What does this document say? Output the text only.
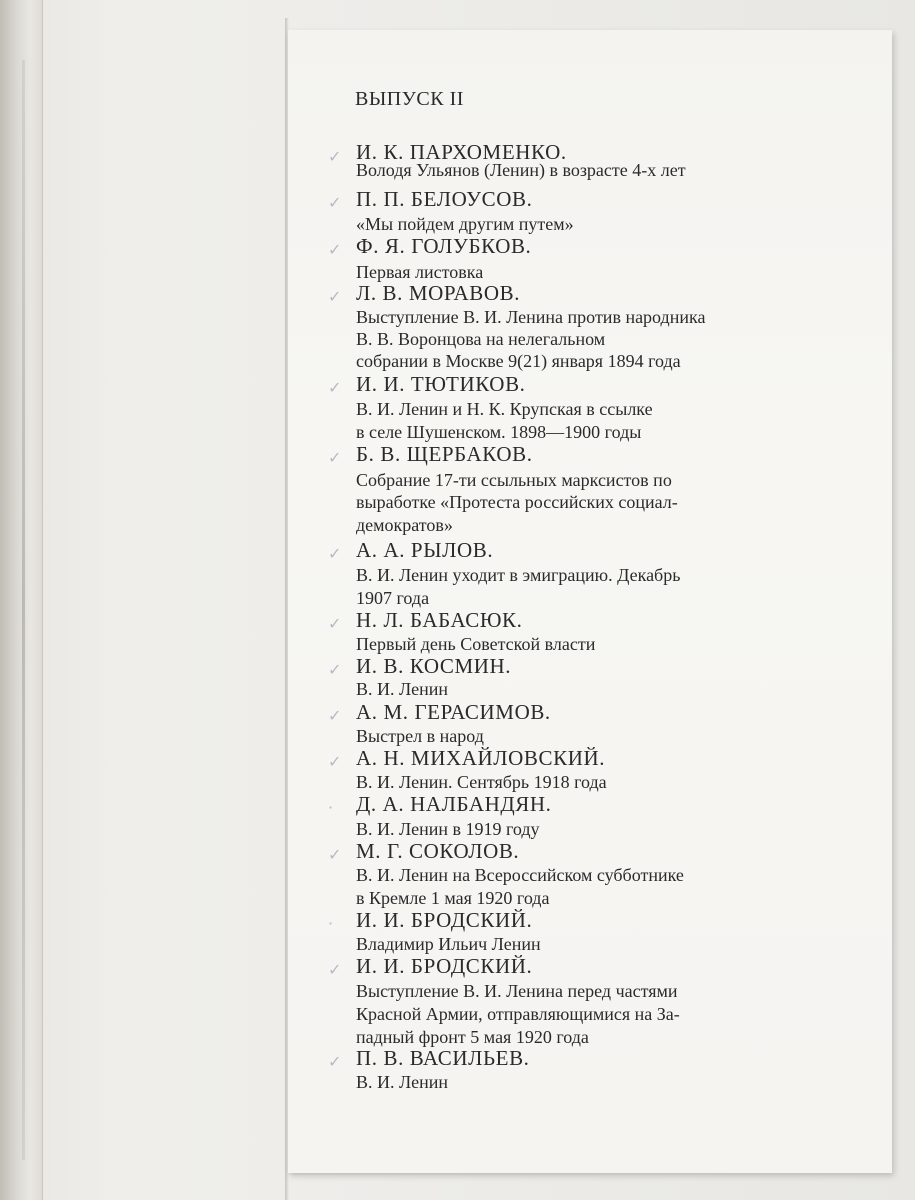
ВЫПУСК II
✓ И. К. ПАРХОМЕНКО.
Володя Ульянов (Ленин) в возрасте 4-х лет
✓ П. П. БЕЛОУСОВ.
«Мы пойдем другим путем»
✓ Ф. Я. ГОЛУБКОВ.
Первая листовка
✓ Л. В. МОРАВОВ.
Выступление В. И. Ленина против народника
В. В. Воронцова на нелегальном
собрании в Москве 9(21) января 1894 года
✓ И. И. ТЮТИКОВ.
В. И. Ленин и Н. К. Крупская в ссылке
в селе Шушенском. 1898—1900 годы
✓ Б. В. ЩЕРБАКОВ.
Собрание 17-ти ссыльных марксистов по
выработке «Протеста российских социал-
демократов»
✓ А. А. РЫЛОВ.
В. И. Ленин уходит в эмиграцию. Декабрь
1907 года
✓ Н. Л. БАБАСЮК.
Первый день Советской власти
✓ И. В. КОСМИН.
В. И. Ленин
✓ А. М. ГЕРАСИМОВ.
Выстрел в народ
✓ А. Н. МИХАЙЛОВСКИЙ.
В. И. Ленин. Сентябрь 1918 года
·	Д. А. НАЛБАНДЯН.
В. И. Ленин в 1919 году
✓ М. Г. СОКОЛОВ.
В. И. Ленин на Всероссийском субботнике
в Кремле 1 мая 1920 года
·	И. И. БРОДСКИЙ.
Владимир Ильич Ленин
✓ И. И. БРОДСКИЙ.
Выступление В. И. Ленина перед частями
Красной Армии, отправляющимися на За-
падный фронт 5 мая 1920 года
✓ П. В. ВАСИЛЬЕВ.
В. И. Ленин
